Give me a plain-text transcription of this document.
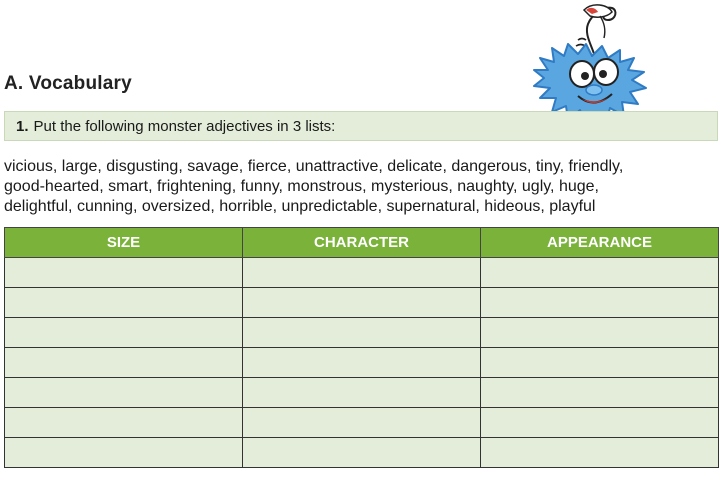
A. Vocabulary
1. Put the following monster adjectives in 3 lists:
vicious, large, disgusting, savage, fierce, unattractive, delicate, dangerous, tiny, friendly,
good-hearted, smart, frightening, funny, monstrous, mysterious, naughty, ugly, huge,
delightful, cunning, oversized, horrible, unpredictable, supernatural, hideous, playful
SIZE	CHARACTER	APPEARANCE
